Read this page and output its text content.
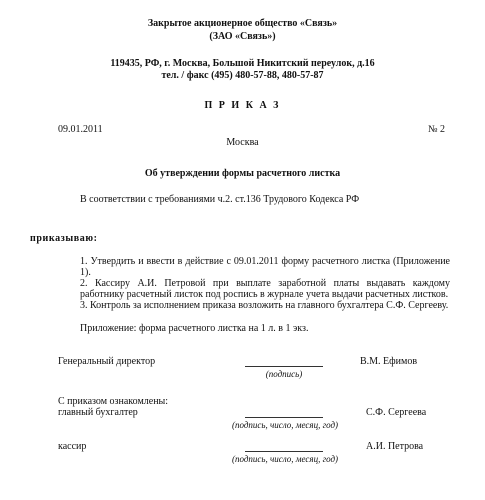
Закрытое акционерное общество «Связь»
(ЗАО «Связь»)
119435, РФ, г. Москва, Большой Никитский переулок, д.16
тел. / факс (495) 480-57-88, 480-57-87
П Р И К А З
09.01.2011	№ 2
Москва
Об утверждении формы расчетного листка
В соответствии с требованиями ч.2. ст.136 Трудового Кодекса РФ
приказываю:
1. Утвердить и ввести в действие с 09.01.2011 форму расчетного листка (Приложение 1).
2. Кассиру А.И. Петровой при выплате заработной платы выдавать каждому работнику расчетный листок под роспись в журнале учета выдачи расчетных листков.
3. Контроль за исполнением приказа возложить на главного бухгалтера С.Ф. Сергееву.
Приложение: форма расчетного листка на 1 л. в 1 экз.
Генеральный директор	В.М. Ефимов
(подпись)
С приказом ознакомлены:
главный бухгалтер	С.Ф. Сергеева
(подпись, число, месяц, год)
кассир	А.И. Петрова
(подпись, число, месяц, год)
